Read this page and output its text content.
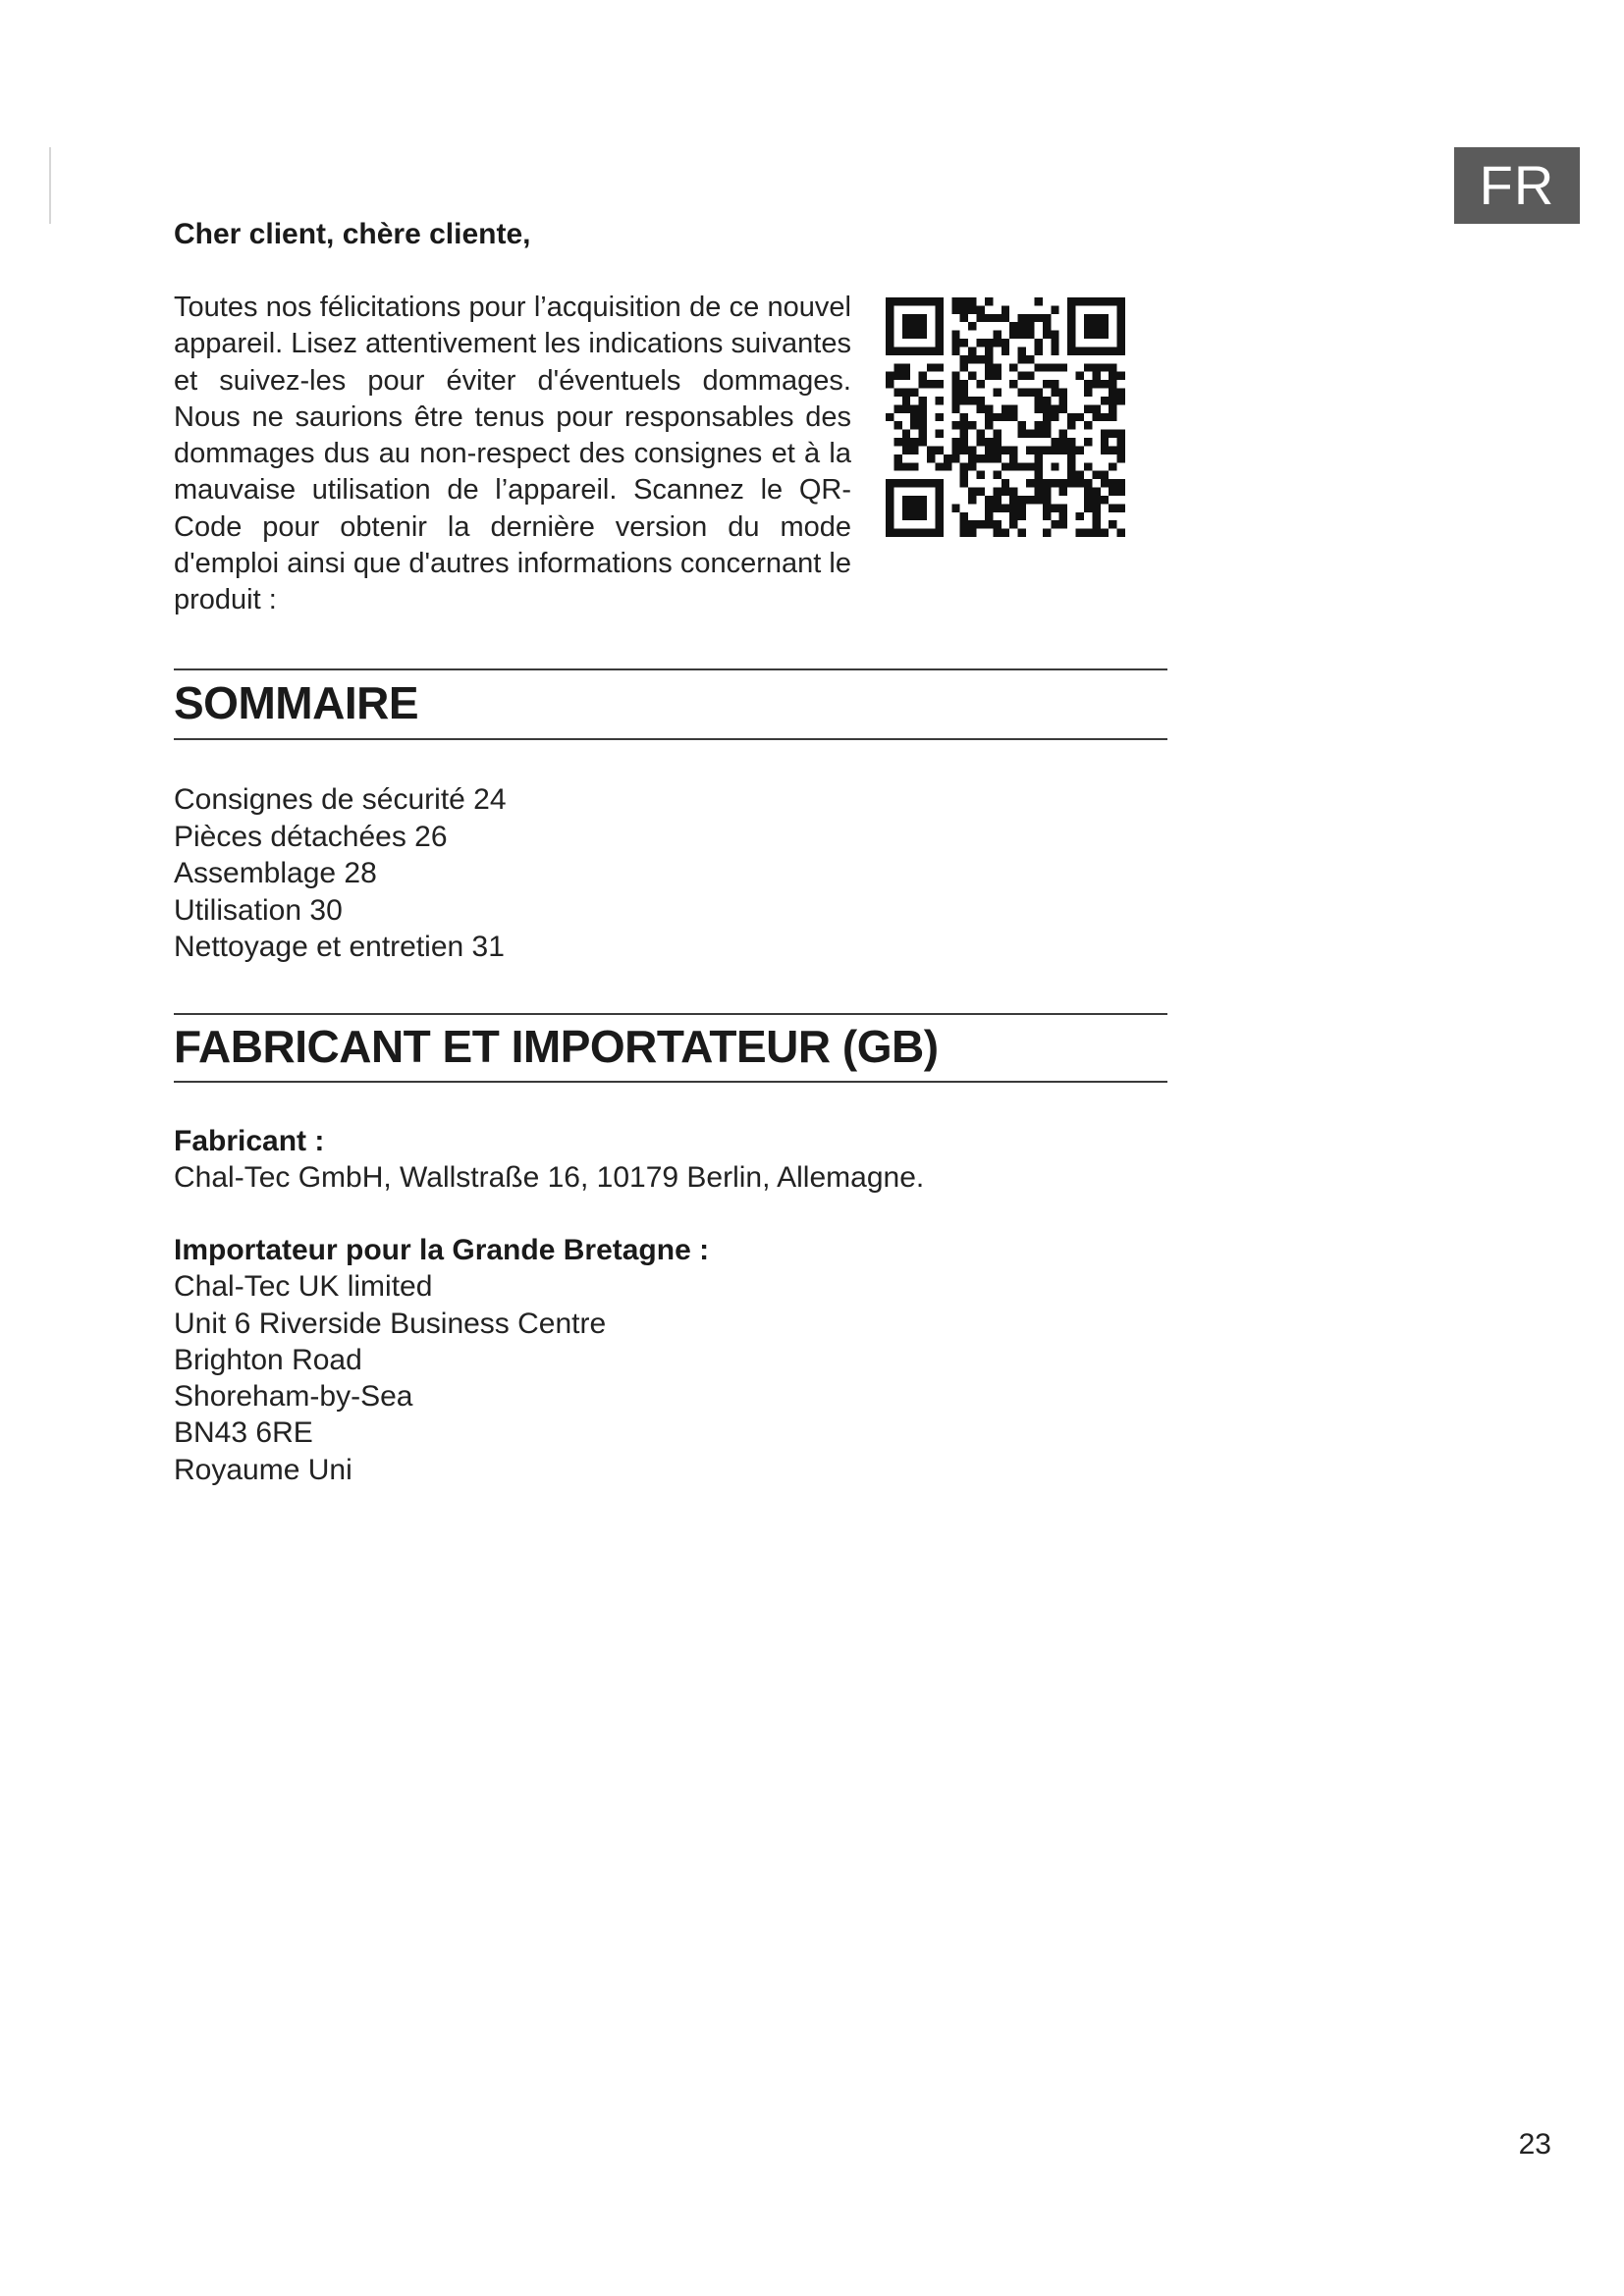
FR
Cher client, chère cliente,

Toutes nos félicitations pour l’acquisition de ce nouvel appareil. Lisez attentivement les indications suivantes et suivez-les pour éviter d'éventuels dommages. Nous ne saurions être tenus pour responsables des dommages dus au non-respect des consignes et à la mauvaise utilisation de l’appareil. Scannez le QR-Code pour obtenir la dernière version du mode d'emploi ainsi que d'autres informations concernant le produit :

SOMMAIRE
Consignes de sécurité 24
Pièces détachées 26
Assemblage 28
Utilisation 30
Nettoyage et entretien 31
FABRICANT ET IMPORTATEUR (GB)
Fabricant :
Chal-Tec GmbH, Wallstraße 16, 10179 Berlin, Allemagne.
Importateur pour la Grande Bretagne :
Chal-Tec UK limited
Unit 6 Riverside Business Centre
Brighton Road
Shoreham-by-Sea
BN43 6RE
Royaume Uni
23
